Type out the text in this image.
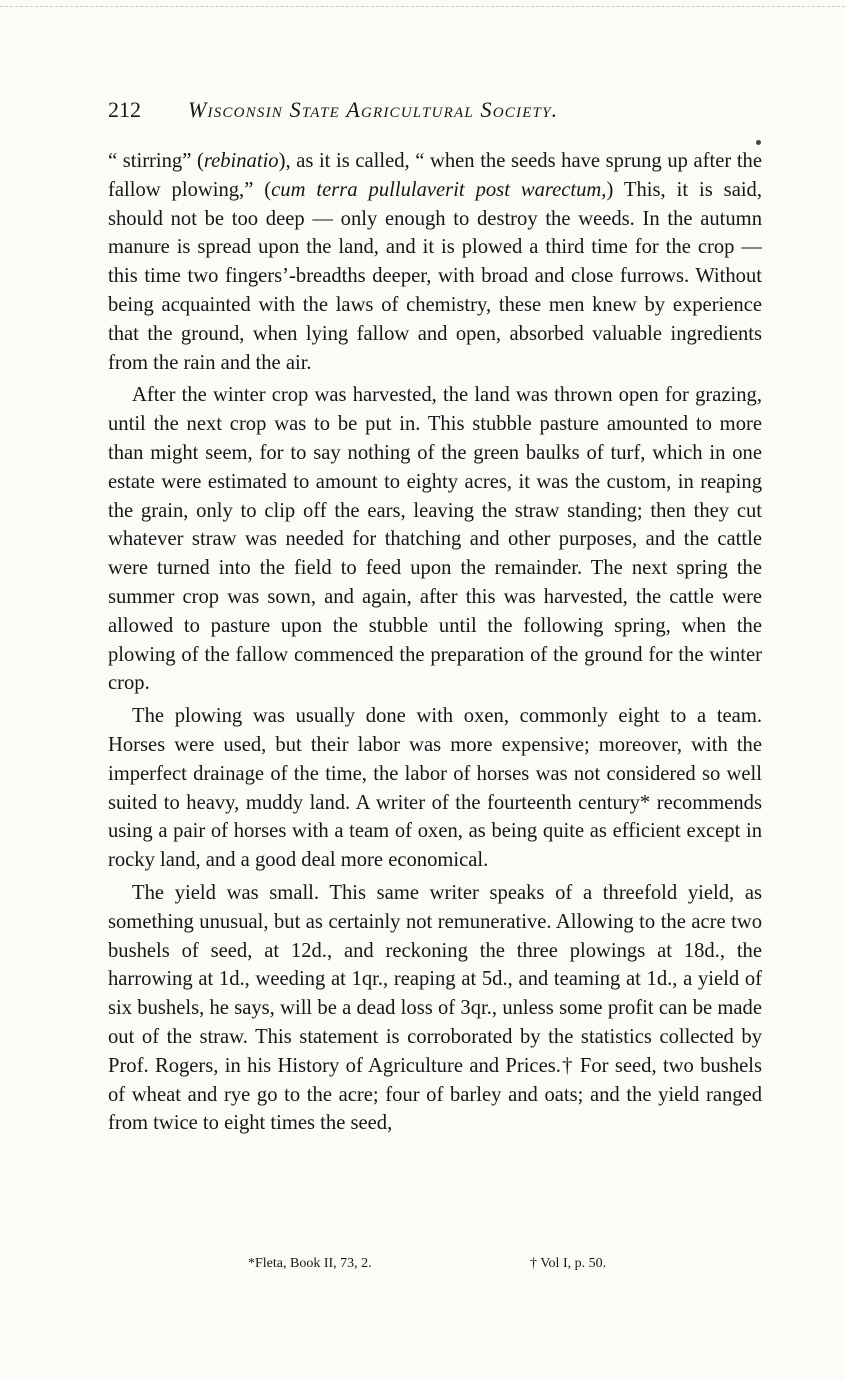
212 Wisconsin State Agricultural Society.

“ stirring” (rebinatio), as it is called, “ when the seeds have sprung up after the fallow plowing,” (cum terra pullulaverit post warectum,) This, it is said, should not be too deep — only enough to destroy the weeds. In the autumn manure is spread upon the land, and it is plowed a third time for the crop — this time two fingers’-breadths deeper, with broad and close furrows. Without being acquainted with the laws of chemistry, these men knew by experience that the ground, when lying fallow and open, absorbed valuable ingredients from the rain and the air.

After the winter crop was harvested, the land was thrown open for grazing, until the next crop was to be put in. This stubble pasture amounted to more than might seem, for to say nothing of the green baulks of turf, which in one estate were estimated to amount to eighty acres, it was the custom, in reaping the grain, only to clip off the ears, leaving the straw standing; then they cut whatever straw was needed for thatching and other purposes, and the cattle were turned into the field to feed upon the remainder. The next spring the summer crop was sown, and again, after this was harvested, the cattle were allowed to pasture upon the stubble until the following spring, when the plowing of the fallow commenced the preparation of the ground for the winter crop.

The plowing was usually done with oxen, commonly eight to a team. Horses were used, but their labor was more expensive; moreover, with the imperfect drainage of the time, the labor of horses was not considered so well suited to heavy, muddy land. A writer of the fourteenth century* recommends using a pair of horses with a team of oxen, as being quite as efficient except in rocky land, and a good deal more economical.

The yield was small. This same writer speaks of a threefold yield, as something unusual, but as certainly not remunerative. Allowing to the acre two bushels of seed, at 12d., and reckoning the three plowings at 18d., the harrowing at 1d., weeding at 1qr., reaping at 5d., and teaming at 1d., a yield of six bushels, he says, will be a dead loss of 3qr., unless some profit can be made out of the straw. This statement is corroborated by the statistics collected by Prof. Rogers, in his History of Agriculture and Prices.† For seed, two bushels of wheat and rye go to the acre; four of barley and oats; and the yield ranged from twice to eight times the seed,

*Fleta, Book II, 73, 2.	† Vol I, p. 50.
